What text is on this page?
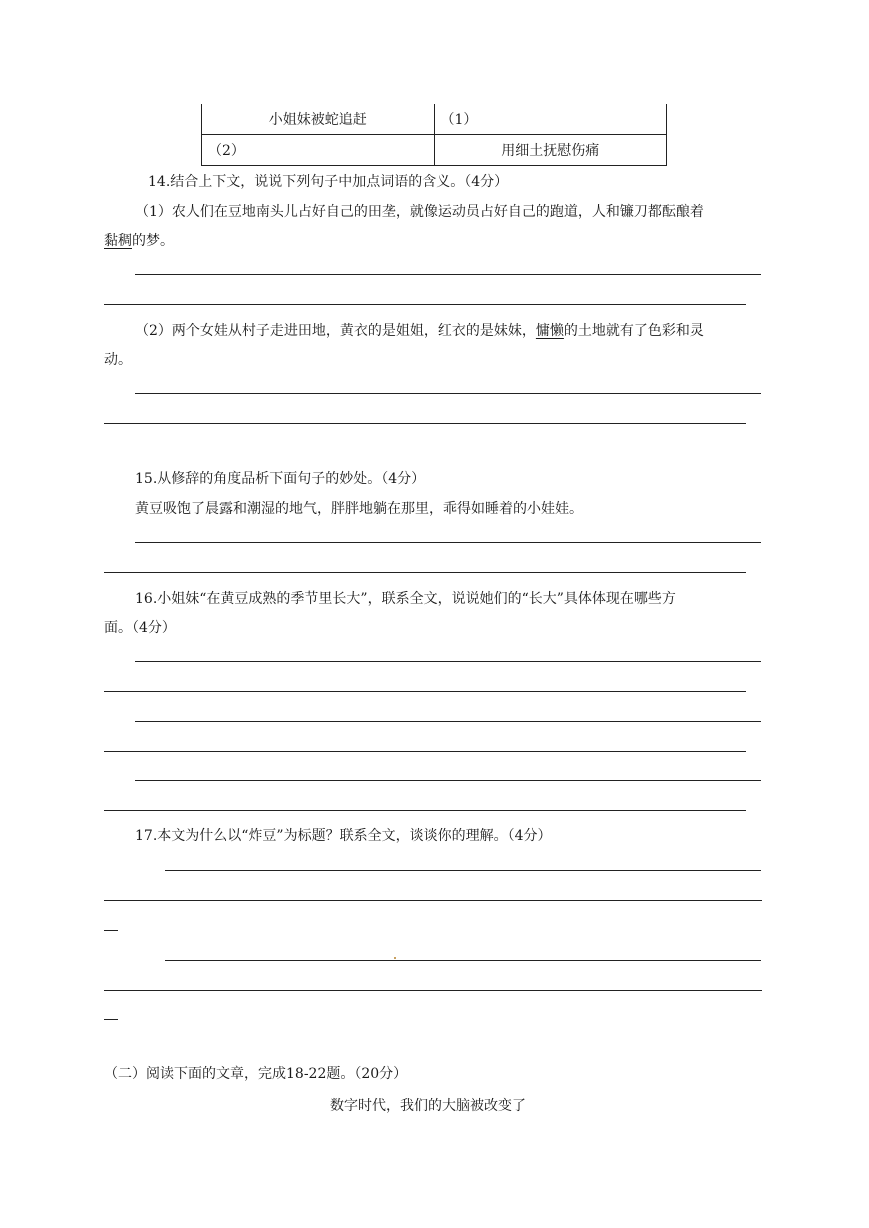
小姐妹被蛇追赶	（1）
（2）	用细土抚慰伤痛
14.结合上下文，说说下列句子中加点词语的含义。（4分）
（1）农人们在豆地南头儿占好自己的田垄，就像运动员占好自己的跑道，人和镰刀都酝酿着
黏稠的梦。
（2）两个女娃从村子走进田地，黄衣的是姐姐，红衣的是妹妹，慵懒的土地就有了色彩和灵
动。
15.从修辞的角度品析下面句子的妙处。（4分）
黄豆吸饱了晨露和潮湿的地气，胖胖地躺在那里，乖得如睡着的小娃娃。
16.小姐妹“在黄豆成熟的季节里长大”，联系全文，说说她们的“长大”具体体现在哪些方
面。（4分）
17.本文为什么以“炸豆”为标题？联系全文，谈谈你的理解。（4分）
（二）阅读下面的文章，完成18-22题。（20分）
数字时代，我们的大脑被改变了
